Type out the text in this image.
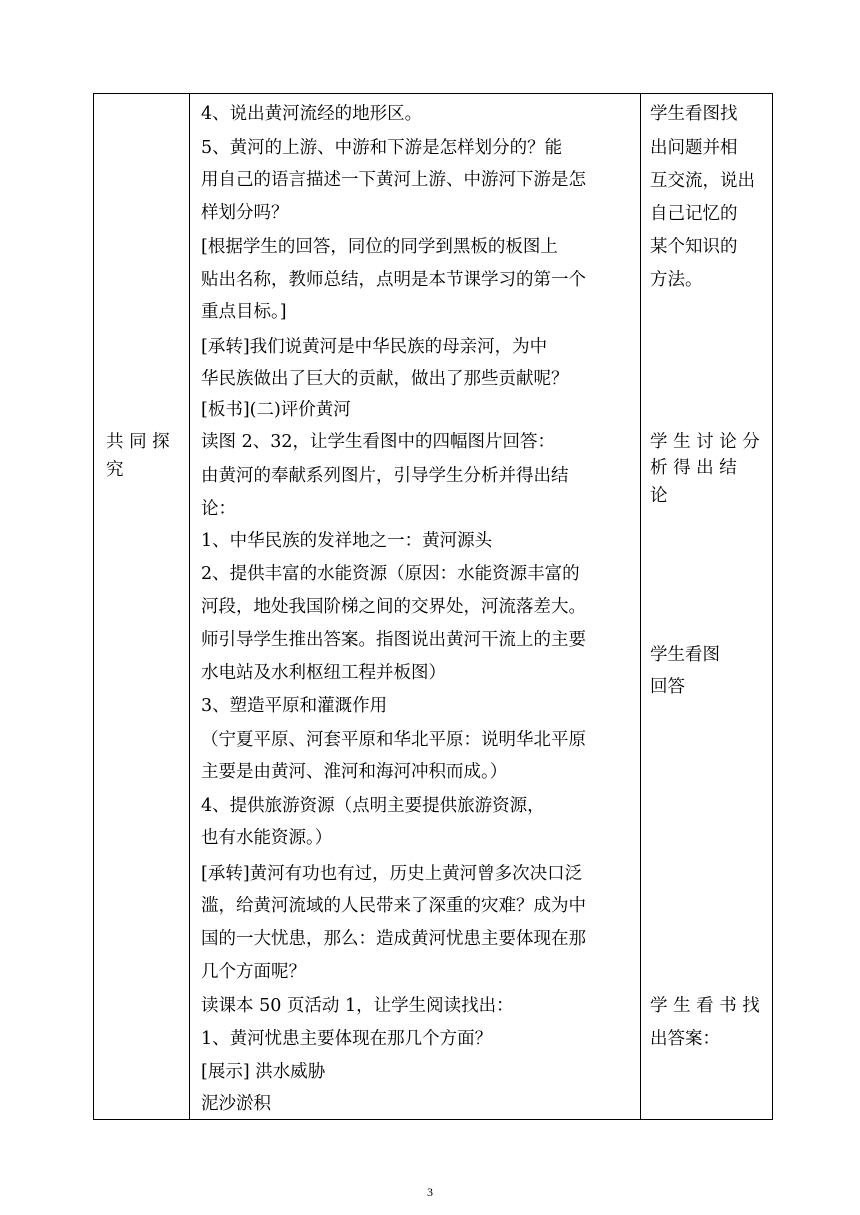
共 同 探
究
4、说出黄河流经的地形区。
5、黄河的上游、中游和下游是怎样划分的？能
用自己的语言描述一下黄河上游、中游河下游是怎
样划分吗？
[根据学生的回答，同位的同学到黑板的板图上
贴出名称，教师总结，点明是本节课学习的第一个
重点目标。]
[承转]我们说黄河是中华民族的母亲河，为中
华民族做出了巨大的贡献，做出了那些贡献呢？
[板书](二)评价黄河
读图 2、32，让学生看图中的四幅图片回答：
由黄河的奉献系列图片，引导学生分析并得出结
论：
1、中华民族的发祥地之一：黄河源头
2、提供丰富的水能资源（原因：水能资源丰富的
河段，地处我国阶梯之间的交界处，河流落差大。
师引导学生推出答案。指图说出黄河干流上的主要
水电站及水利枢纽工程并板图）
3、塑造平原和灌溉作用
（宁夏平原、河套平原和华北平原：说明华北平原
主要是由黄河、淮河和海河冲积而成。）
4、提供旅游资源（点明主要提供旅游资源，
也有水能资源。）
[承转]黄河有功也有过，历史上黄河曾多次决口泛
滥，给黄河流域的人民带来了深重的灾难？成为中
国的一大忧患，那么：造成黄河忧患主要体现在那
几个方面呢？
读课本 50 页活动 1，让学生阅读找出：
1、黄河忧患主要体现在那几个方面？
[展示] 洪水威胁
泥沙淤积
学生看图找
出问题并相
互交流，说出
自己记忆的
某个知识的
方法。
学 生 讨 论 分
析 得 出 结
论
学生看图
回答
学 生 看 书 找
出答案：
3
